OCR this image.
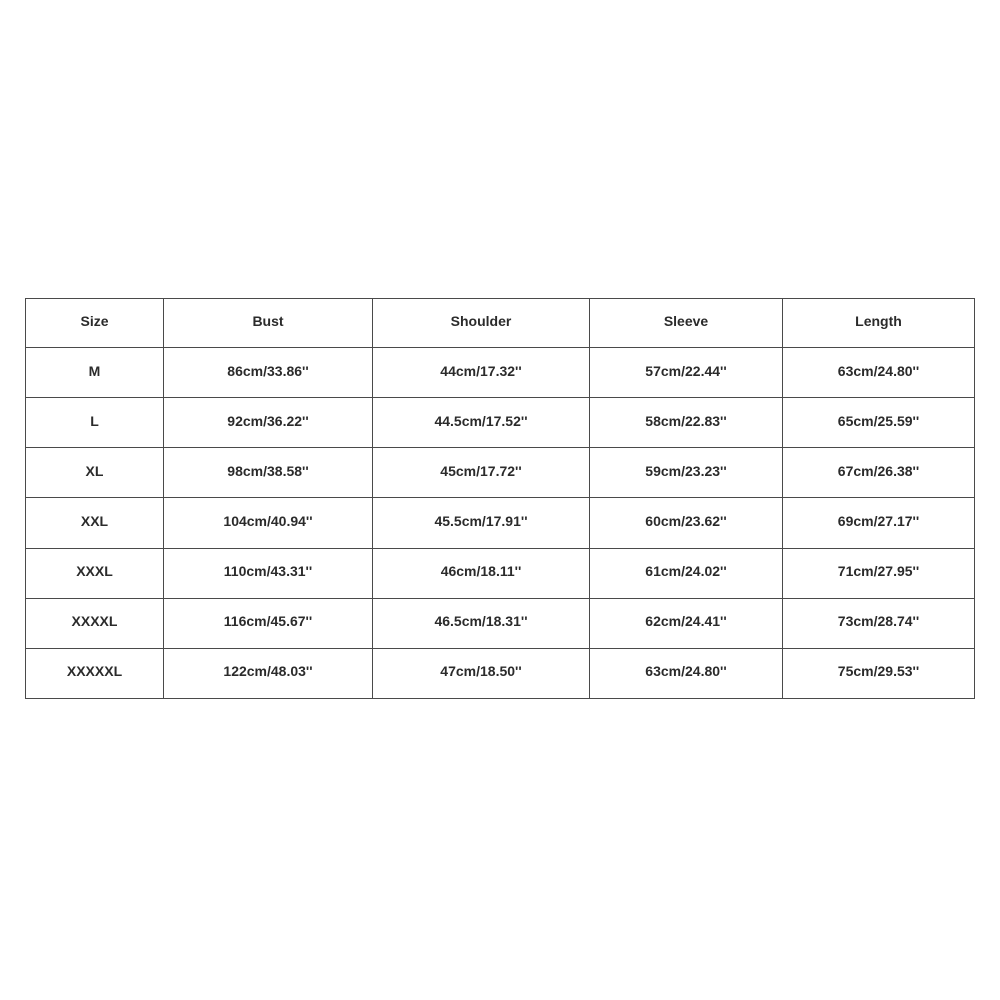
Size	Bust	Shoulder	Sleeve	Length
M	86cm/33.86''	44cm/17.32''	57cm/22.44''	63cm/24.80''
L	92cm/36.22''	44.5cm/17.52''	58cm/22.83''	65cm/25.59''
XL	98cm/38.58''	45cm/17.72''	59cm/23.23''	67cm/26.38''
XXL	104cm/40.94''	45.5cm/17.91''	60cm/23.62''	69cm/27.17''
XXXL	110cm/43.31''	46cm/18.11''	61cm/24.02''	71cm/27.95''
XXXXL	116cm/45.67''	46.5cm/18.31''	62cm/24.41''	73cm/28.74''
XXXXXL	122cm/48.03''	47cm/18.50''	63cm/24.80''	75cm/29.53''
